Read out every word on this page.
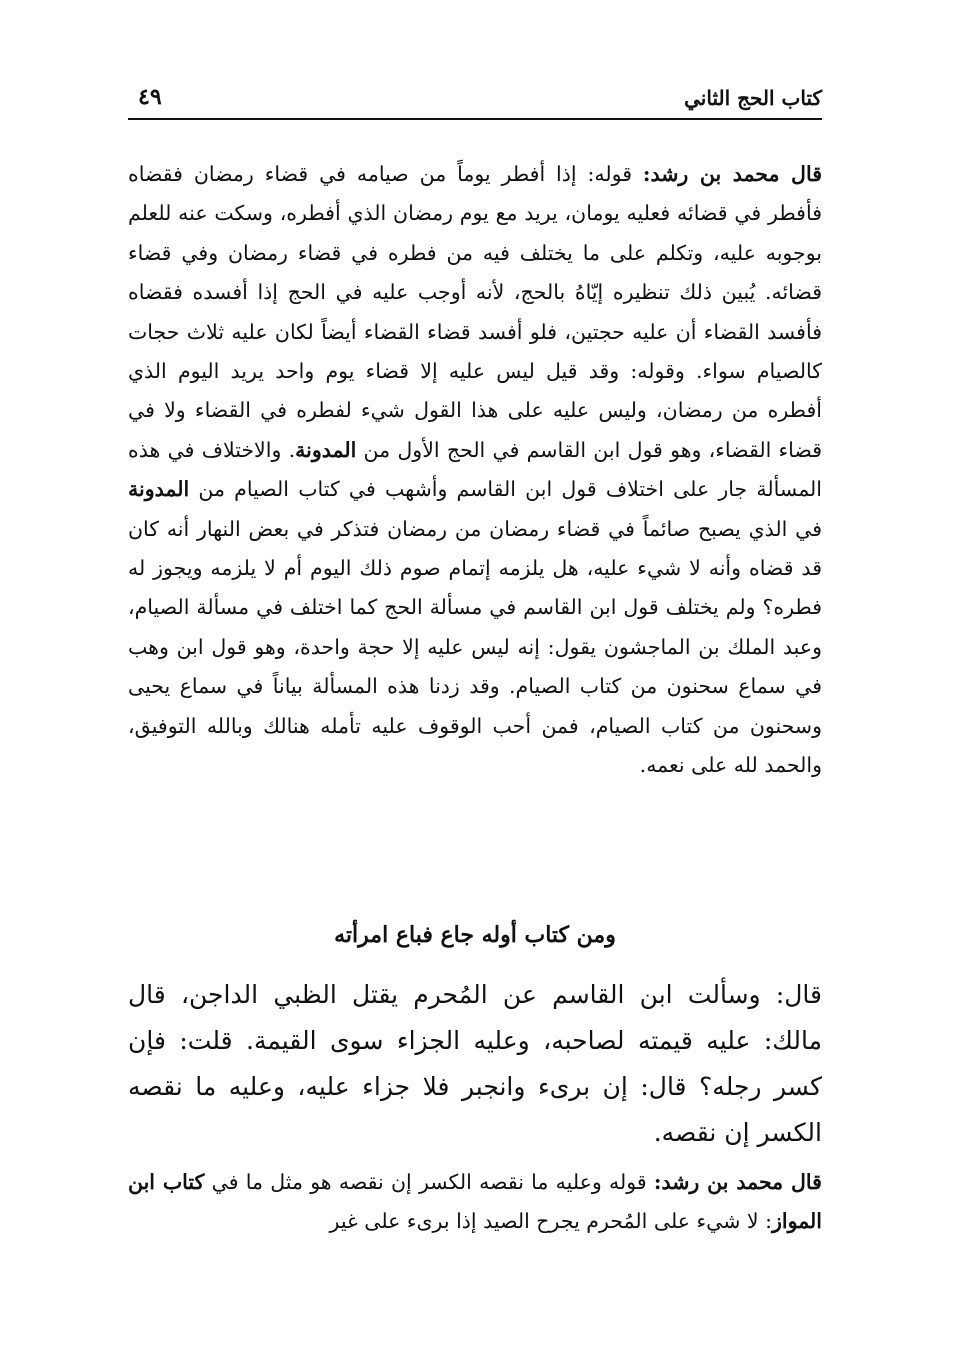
كتاب الحج الثاني
٤٩

قال محمد بن رشد: قوله: إذا أفطر يوماً من صيامه في قضاء رمضان فقضاه فأفطر في قضائه فعليه يومان، يريد مع يوم رمضان الذي أفطره، وسكت عنه للعلم بوجوبه عليه، وتكلم على ما يختلف فيه من فطره في قضاء رمضان وفي قضاء قضائه. يُبين ذلك تنظيره إيّاهُ بالحج، لأنه أوجب عليه في الحج إذا أفسده فقضاه فأفسد القضاء أن عليه حجتين، فلو أفسد قضاء القضاء أيضاً لكان عليه ثلاث حجات كالصيام سواء. وقوله: وقد قيل ليس عليه إلا قضاء يوم واحد يريد اليوم الذي أفطره من رمضان، وليس عليه على هذا القول شيء لفطره في القضاء ولا في قضاء القضاء، وهو قول ابن القاسم في الحج الأول من المدونة. والاختلاف في هذه المسألة جار على اختلاف قول ابن القاسم وأشهب في كتاب الصيام من المدونة في الذي يصبح صائماً في قضاء رمضان من رمضان فتذكر في بعض النهار أنه كان قد قضاه وأنه لا شيء عليه، هل يلزمه إتمام صوم ذلك اليوم أم لا يلزمه ويجوز له فطره؟ ولم يختلف قول ابن القاسم في مسألة الحج كما اختلف في مسألة الصيام، وعبد الملك بن الماجشون يقول: إنه ليس عليه إلا حجة واحدة، وهو قول ابن وهب في سماع سحنون من كتاب الصيام. وقد زدنا هذه المسألة بياناً في سماع يحيى وسحنون من كتاب الصيام، فمن أحب الوقوف عليه تأمله هنالك وبالله التوفيق، والحمد لله على نعمه.

ومن كتاب أوله جاع فباع امرأته

قال: وسألت ابن القاسم عن المُحرم يقتل الظبي الداجن، قال مالك: عليه قيمته لصاحبه، وعليه الجزاء سوى القيمة. قلت: فإن كسر رجله؟ قال: إن برىء وانجبر فلا جزاء عليه، وعليه ما نقصه الكسر إن نقصه.

قال محمد بن رشد: قوله وعليه ما نقصه الكسر إن نقصه هو مثل ما في كتاب ابن المواز: لا شيء على المُحرم يجرح الصيد إذا برىء على غير
